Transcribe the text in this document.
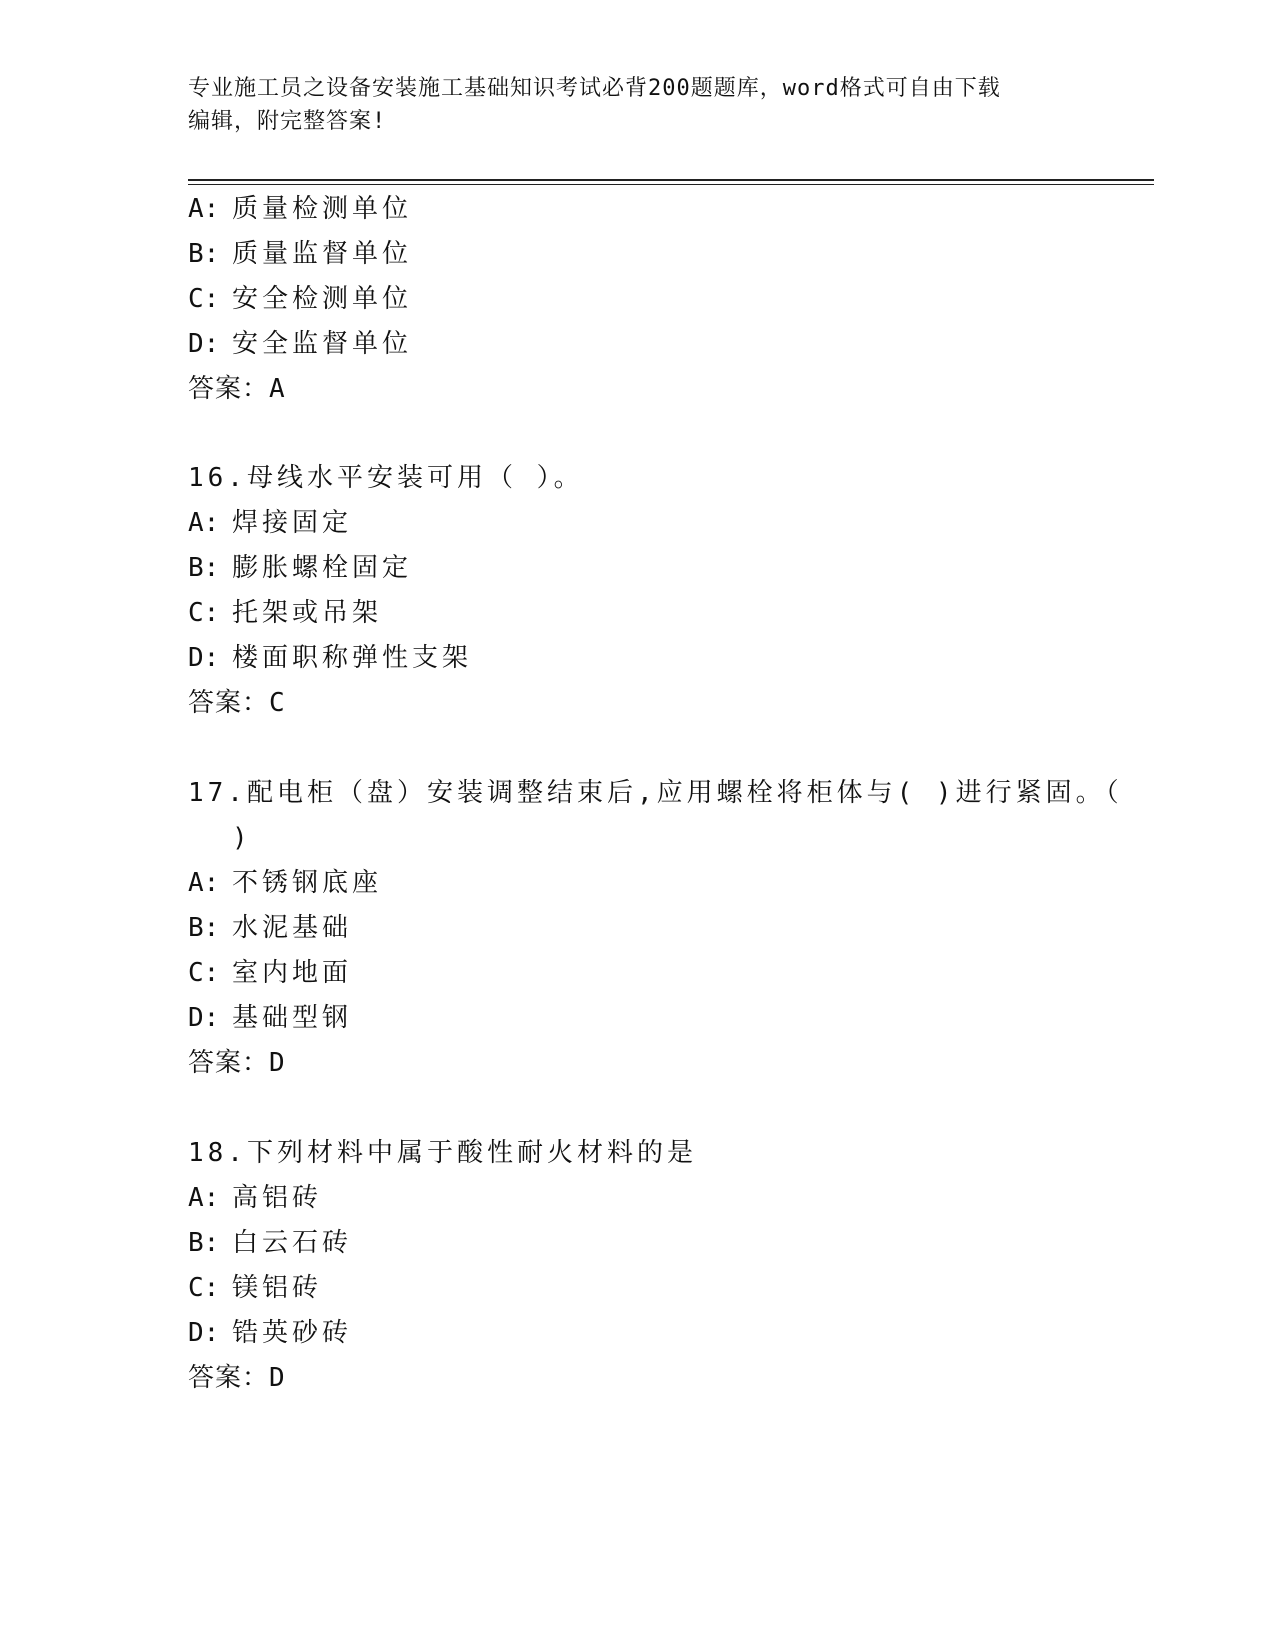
专业施工员之设备安装施工基础知识考试必背200题题库，word格式可自由下载
编辑，附完整答案!
A: 质量检测单位
B: 质量监督单位
C: 安全检测单位
D: 安全监督单位
答案：A
16.母线水平安装可用（ ）。
A: 焊接固定
B: 膨胀螺栓固定
C: 托架或吊架
D: 楼面职称弹性支架
答案：C
17.配电柜（盘）安装调整结束后,应用螺栓将柜体与( )进行紧固。（
)
A: 不锈钢底座
B: 水泥基础
C: 室内地面
D: 基础型钢
答案：D
18.下列材料中属于酸性耐火材料的是
A: 高铝砖
B: 白云石砖
C: 镁铝砖
D: 锆英砂砖
答案：D
